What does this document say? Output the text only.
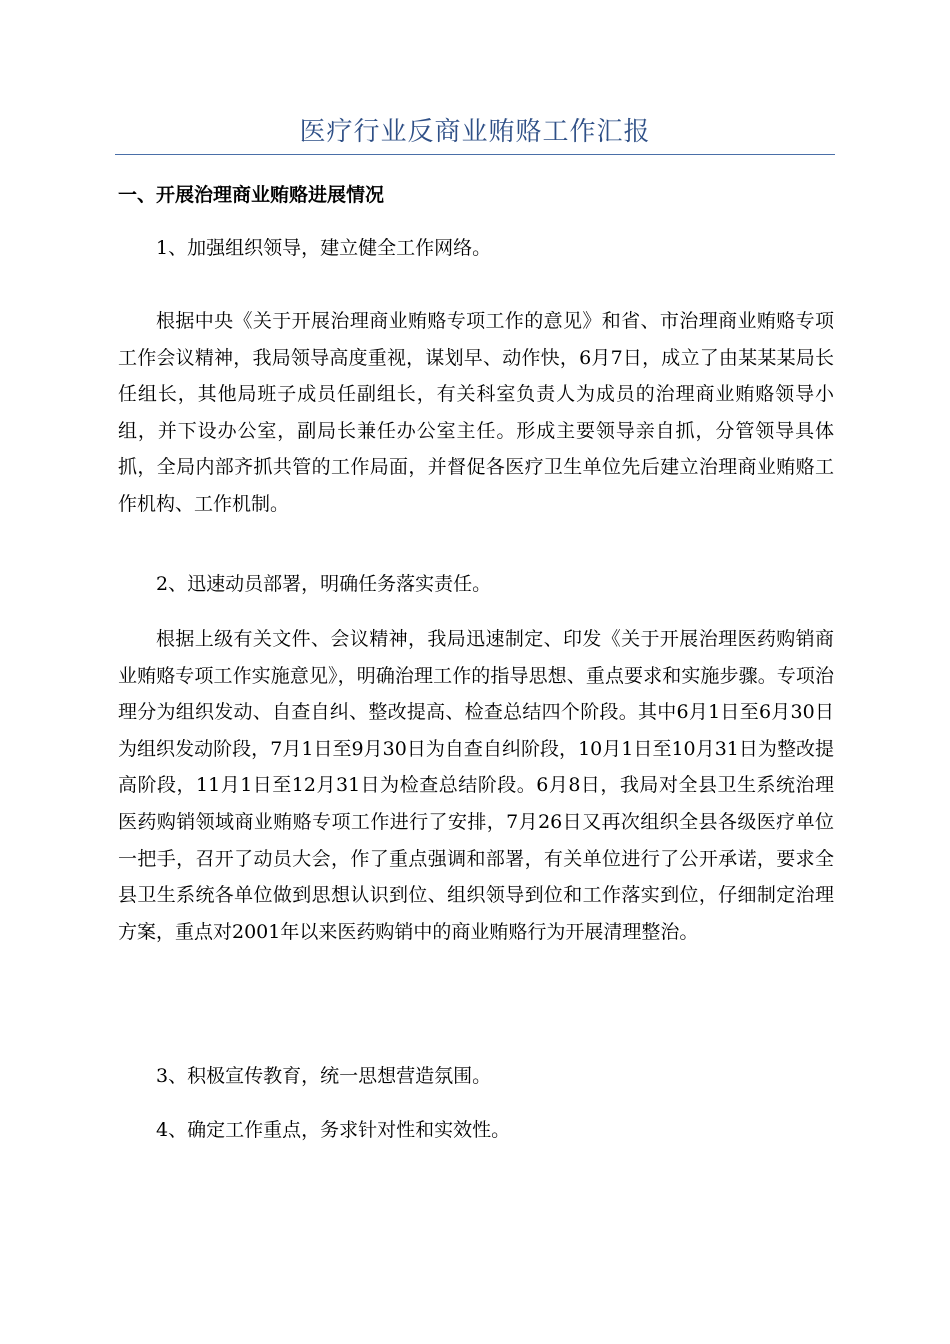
医疗行业反商业贿赂工作汇报
一、开展治理商业贿赂进展情况
1、加强组织领导，建立健全工作网络。
根据中央《关于开展治理商业贿赂专项工作的意见》和省、市治理商业贿赂专项工作会议精神，我局领导高度重视，谋划早、动作快，6月7日，成立了由某某某局长任组长，其他局班子成员任副组长，有关科室负责人为成员的治理商业贿赂领导小组，并下设办公室，副局长兼任办公室主任。形成主要领导亲自抓，分管领导具体抓，全局内部齐抓共管的工作局面，并督促各医疗卫生单位先后建立治理商业贿赂工作机构、工作机制。
2、迅速动员部署，明确任务落实责任。
根据上级有关文件、会议精神，我局迅速制定、印发《关于开展治理医药购销商业贿赂专项工作实施意见》，明确治理工作的指导思想、重点要求和实施步骤。专项治理分为组织发动、自查自纠、整改提高、检查总结四个阶段。其中6月1日至6月30日为组织发动阶段，7月1日至9月30日为自查自纠阶段，10月1日至10月31日为整改提高阶段，11月1日至12月31日为检查总结阶段。6月8日，我局对全县卫生系统治理医药购销领域商业贿赂专项工作进行了安排，7月26日又再次组织全县各级医疗单位一把手，召开了动员大会，作了重点强调和部署，有关单位进行了公开承诺，要求全县卫生系统各单位做到思想认识到位、组织领导到位和工作落实到位，仔细制定治理方案，重点对2001年以来医药购销中的商业贿赂行为开展清理整治。
3、积极宣传教育，统一思想营造氛围。
4、确定工作重点，务求针对性和实效性。
